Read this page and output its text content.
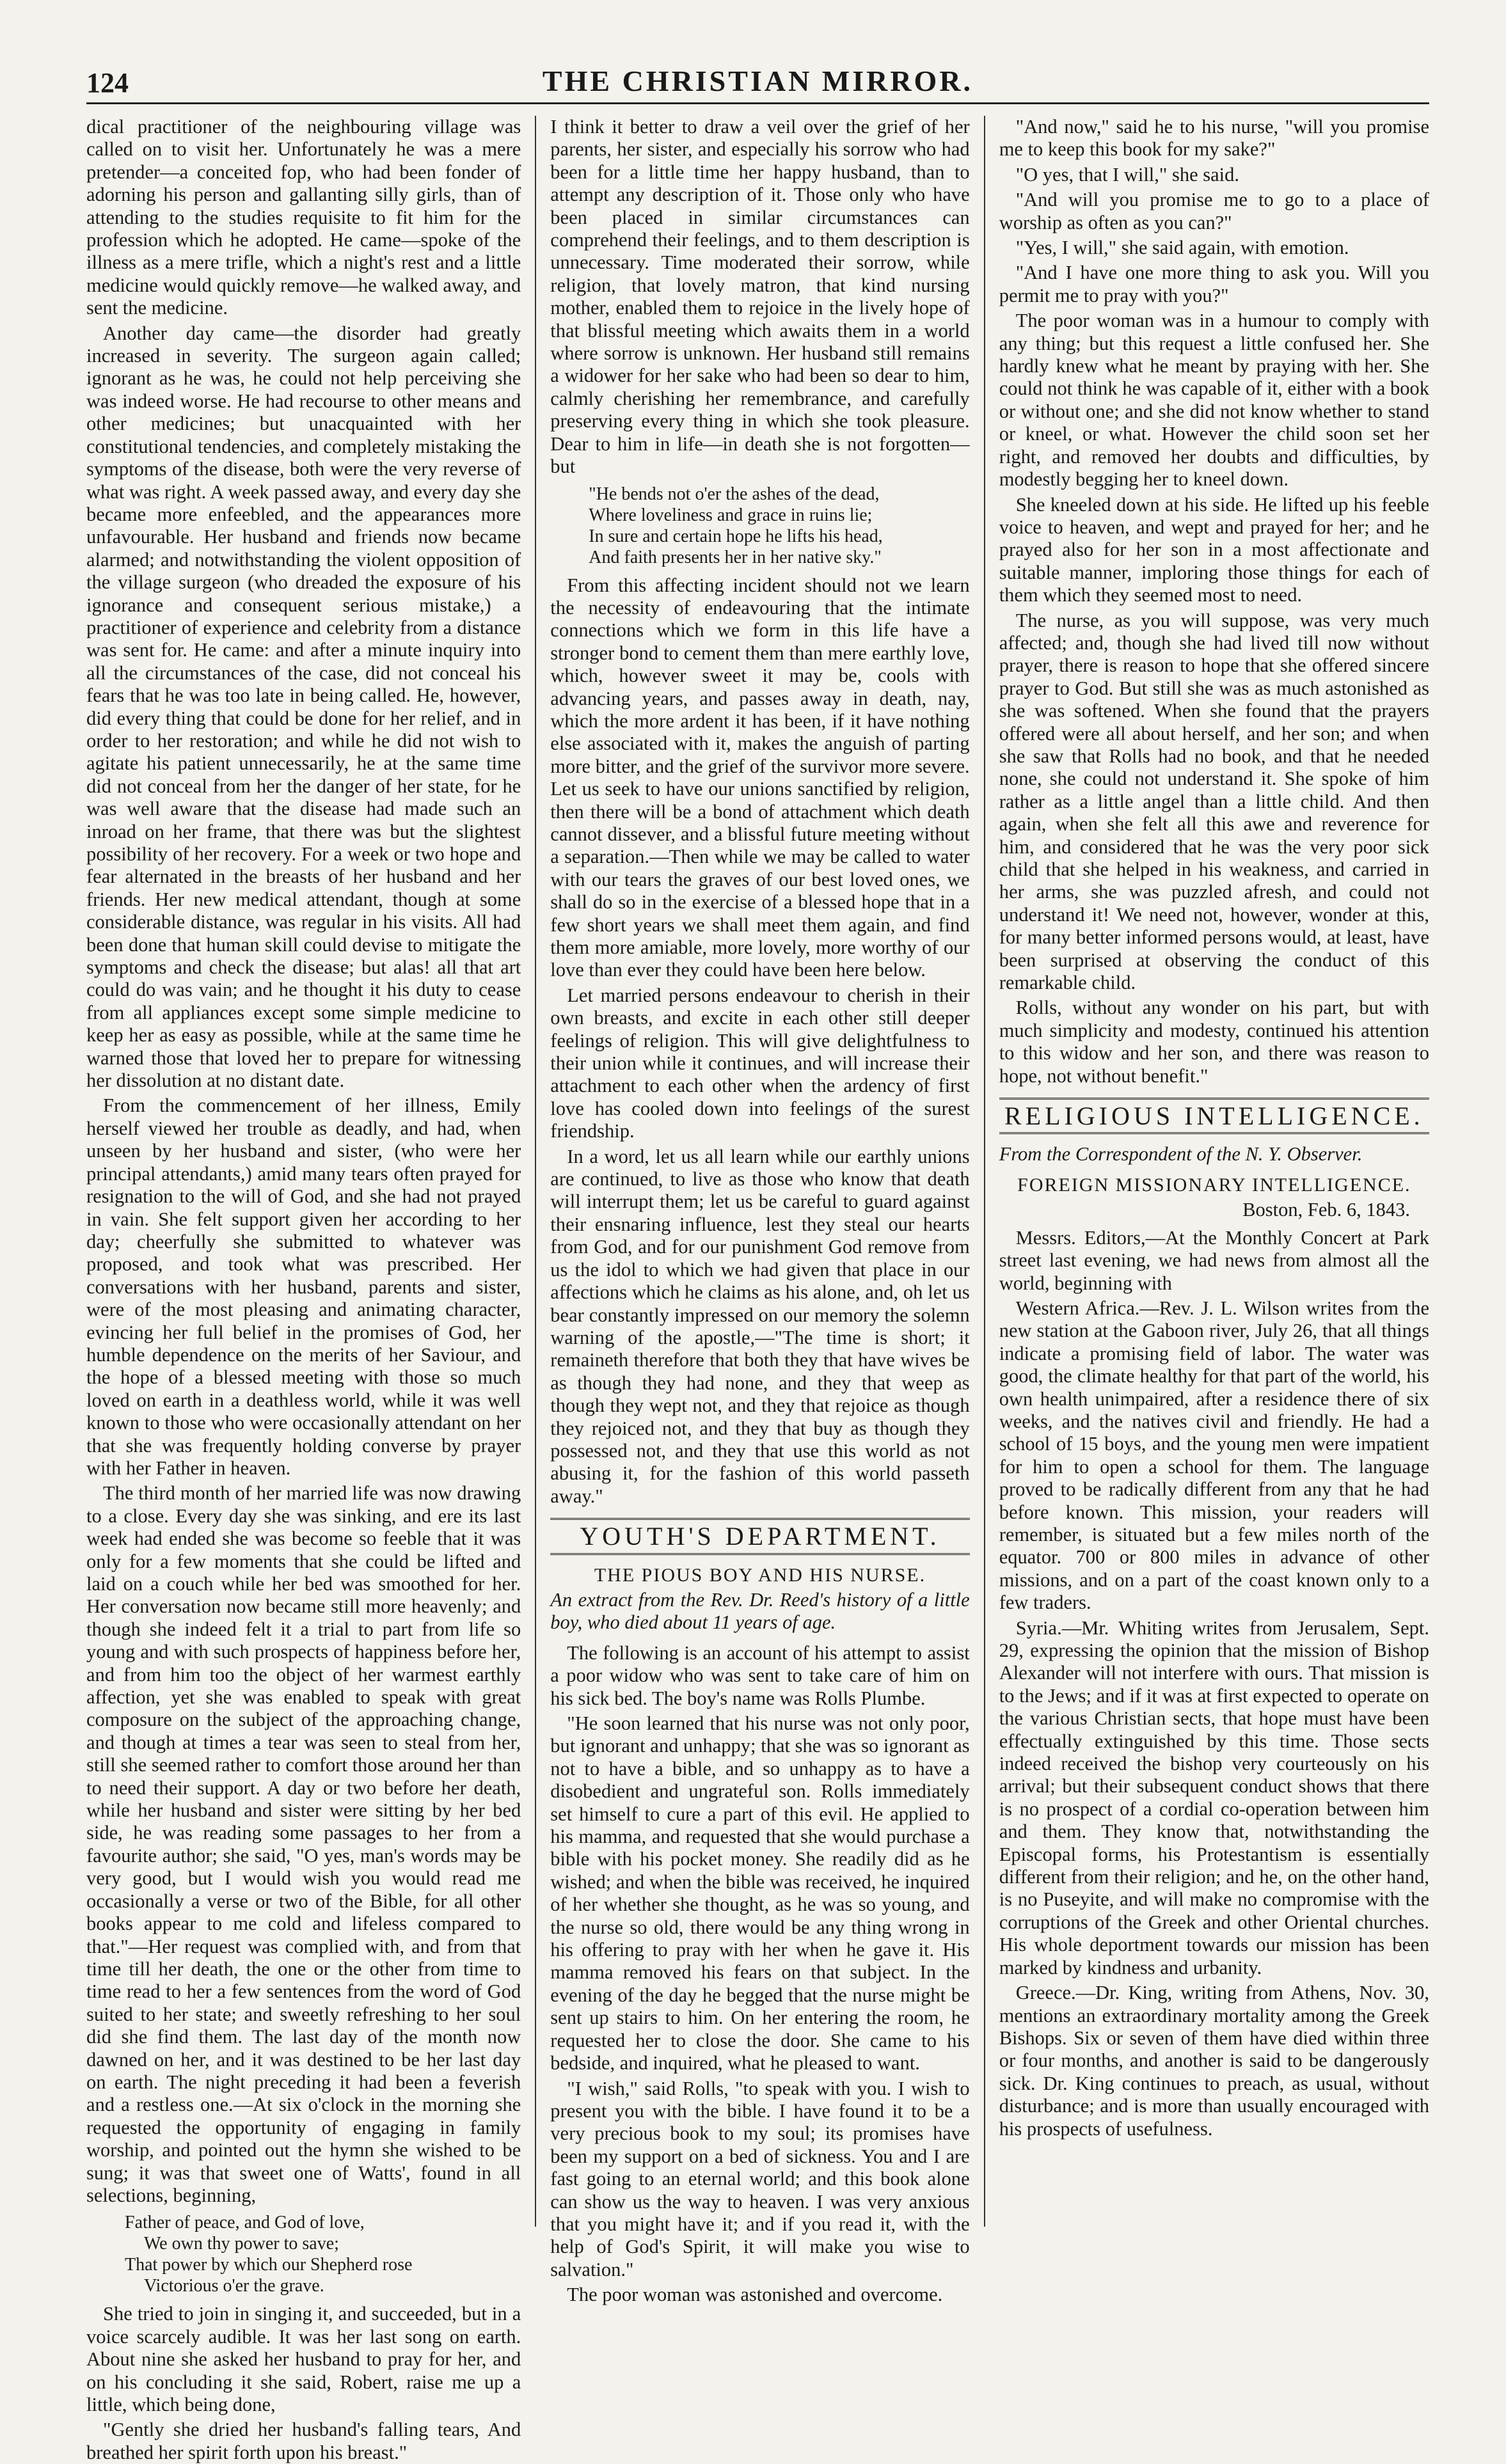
124	THE CHRISTIAN MIRROR.

dical practitioner of the neighbouring village was called on to visit her. Unfortunately he was a mere pretender—a conceited fop, who had been fonder of adorning his person and gallanting silly girls, than of attending to the studies requisite to fit him for the profession which he adopted. He came—spoke of the illness as a mere trifle, which a night's rest and a little medicine would quickly remove—he walked away, and sent the medicine.

Another day came—the disorder had greatly increased in severity. The surgeon again called; ignorant as he was, he could not help perceiving she was indeed worse. He had recourse to other means and other medicines; but unacquainted with her constitutional tendencies, and completely mistaking the symptoms of the disease, both were the very reverse of what was right. A week passed away, and every day she became more enfeebled, and the appearances more unfavourable. Her husband and friends now became alarmed; and notwithstanding the violent opposition of the village surgeon (who dreaded the exposure of his ignorance and consequent serious mistake,) a practitioner of experience and celebrity from a distance was sent for. He came: and after a minute inquiry into all the circumstances of the case, did not conceal his fears that he was too late in being called. He, however, did every thing that could be done for her relief, and in order to her restoration; and while he did not wish to agitate his patient unnecessarily, he at the same time did not conceal from her the danger of her state, for he was well aware that the disease had made such an inroad on her frame, that there was but the slightest possibility of her recovery. For a week or two hope and fear alternated in the breasts of her husband and her friends. Her new medical attendant, though at some considerable distance, was regular in his visits. All had been done that human skill could devise to mitigate the symptoms and check the disease; but alas! all that art could do was vain; and he thought it his duty to cease from all appliances except some simple medicine to keep her as easy as possible, while at the same time he warned those that loved her to prepare for witnessing her dissolution at no distant date.

From the commencement of her illness, Emily herself viewed her trouble as deadly, and had, when unseen by her husband and sister, (who were her principal attendants,) amid many tears often prayed for resignation to the will of God, and she had not prayed in vain. She felt support given her according to her day; cheerfully she submitted to whatever was proposed, and took what was prescribed. Her conversations with her husband, parents and sister, were of the most pleasing and animating character, evincing her full belief in the promises of God, her humble dependence on the merits of her Saviour, and the hope of a blessed meeting with those so much loved on earth in a deathless world, while it was well known to those who were occasionally attendant on her that she was frequently holding converse by prayer with her Father in heaven.

The third month of her married life was now drawing to a close. Every day she was sinking, and ere its last week had ended she was become so feeble that it was only for a few moments that she could be lifted and laid on a couch while her bed was smoothed for her. Her conversation now became still more heavenly; and though she indeed felt it a trial to part from life so young and with such prospects of happiness before her, and from him too the object of her warmest earthly affection, yet she was enabled to speak with great composure on the subject of the approaching change, and though at times a tear was seen to steal from her, still she seemed rather to comfort those around her than to need their support. A day or two before her death, while her husband and sister were sitting by her bed side, he was reading some passages to her from a favourite author; she said, "O yes, man's words may be very good, but I would wish you would read me occasionally a verse or two of the Bible, for all other books appear to me cold and lifeless compared to that."—Her request was complied with, and from that time till her death, the one or the other from time to time read to her a few sentences from the word of God suited to her state; and sweetly refreshing to her soul did she find them. The last day of the month now dawned on her, and it was destined to be her last day on earth. The night preceding it had been a feverish and a restless one.—At six o'clock in the morning she requested the opportunity of engaging in family worship, and pointed out the hymn she wished to be sung; it was that sweet one of Watts', found in all selections, beginning,

Father of peace, and God of love,
We own thy power to save;
That power by which our Shepherd rose
Victorious o'er the grave.

She tried to join in singing it, and succeeded, but in a voice scarcely audible. It was her last song on earth. About nine she asked her husband to pray for her, and on his concluding it she said, Robert, raise me up a little, which being done,

"Gently she dried her husband's falling tears, And breathed her spirit forth upon his breast."

I think it better to draw a veil over the grief of her parents, her sister, and especially his sorrow who had been for a little time her happy husband, than to attempt any description of it. Those only who have been placed in similar circumstances can comprehend their feelings, and to them description is unnecessary. Time moderated their sorrow, while religion, that lovely matron, that kind nursing mother, enabled them to rejoice in the lively hope of that blissful meeting which awaits them in a world where sorrow is unknown. Her husband still remains a widower for her sake who had been so dear to him, calmly cherishing her remembrance, and carefully preserving every thing in which she took pleasure. Dear to him in life—in death she is not forgotten—but

"He bends not o'er the ashes of the dead,
Where loveliness and grace in ruins lie;
In sure and certain hope he lifts his head,
And faith presents her in her native sky."

From this affecting incident should not we learn the necessity of endeavouring that the intimate connections which we form in this life have a stronger bond to cement them than mere earthly love, which, however sweet it may be, cools with advancing years, and passes away in death, nay, which the more ardent it has been, if it have nothing else associated with it, makes the anguish of parting more bitter, and the grief of the survivor more severe. Let us seek to have our unions sanctified by religion, then there will be a bond of attachment which death cannot dissever, and a blissful future meeting without a separation.—Then while we may be called to water with our tears the graves of our best loved ones, we shall do so in the exercise of a blessed hope that in a few short years we shall meet them again, and find them more amiable, more lovely, more worthy of our love than ever they could have been here below.

Let married persons endeavour to cherish in their own breasts, and excite in each other still deeper feelings of religion. This will give delightfulness to their union while it continues, and will increase their attachment to each other when the ardency of first love has cooled down into feelings of the surest friendship.

In a word, let us all learn while our earthly unions are continued, to live as those who know that death will interrupt them; let us be careful to guard against their ensnaring influence, lest they steal our hearts from God, and for our punishment God remove from us the idol to which we had given that place in our affections which he claims as his alone, and, oh let us bear constantly impressed on our memory the solemn warning of the apostle,—"The time is short; it remaineth therefore that both they that have wives be as though they had none, and they that weep as though they wept not, and they that rejoice as though they rejoiced not, and they that buy as though they possessed not, and they that use this world as not abusing it, for the fashion of this world passeth away."

YOUTH'S DEPARTMENT.
THE PIOUS BOY AND HIS NURSE.
An extract from the Rev. Dr. Reed's history of a little boy, who died about 11 years of age.

The following is an account of his attempt to assist a poor widow who was sent to take care of him on his sick bed. The boy's name was Rolls Plumbe.

"He soon learned that his nurse was not only poor, but ignorant and unhappy; that she was so ignorant as not to have a bible, and so unhappy as to have a disobedient and ungrateful son. Rolls immediately set himself to cure a part of this evil. He applied to his mamma, and requested that she would purchase a bible with his pocket money. She readily did as he wished; and when the bible was received, he inquired of her whether she thought, as he was so young, and the nurse so old, there would be any thing wrong in his offering to pray with her when he gave it. His mamma removed his fears on that subject. In the evening of the day he begged that the nurse might be sent up stairs to him. On her entering the room, he requested her to close the door. She came to his bedside, and inquired, what he pleased to want.

"I wish," said Rolls, "to speak with you. I wish to present you with the bible. I have found it to be a very precious book to my soul; its promises have been my support on a bed of sickness. You and I are fast going to an eternal world; and this book alone can show us the way to heaven. I was very anxious that you might have it; and if you read it, with the help of God's Spirit, it will make you wise to salvation."

The poor woman was astonished and overcome.

"And now," said he to his nurse, "will you promise me to keep this book for my sake?"

"O yes, that I will," she said.

"And will you promise me to go to a place of worship as often as you can?"

"Yes, I will," she said again, with emotion.

"And I have one more thing to ask you. Will you permit me to pray with you?"

The poor woman was in a humour to comply with any thing; but this request a little confused her. She hardly knew what he meant by praying with her. She could not think he was capable of it, either with a book or without one; and she did not know whether to stand or kneel, or what. However the child soon set her right, and removed her doubts and difficulties, by modestly begging her to kneel down.

She kneeled down at his side. He lifted up his feeble voice to heaven, and wept and prayed for her; and he prayed also for her son in a most affectionate and suitable manner, imploring those things for each of them which they seemed most to need.

The nurse, as you will suppose, was very much affected; and, though she had lived till now without prayer, there is reason to hope that she offered sincere prayer to God. But still she was as much astonished as she was softened. When she found that the prayers offered were all about herself, and her son; and when she saw that Rolls had no book, and that he needed none, she could not understand it. She spoke of him rather as a little angel than a little child. And then again, when she felt all this awe and reverence for him, and considered that he was the very poor sick child that she helped in his weakness, and carried in her arms, she was puzzled afresh, and could not understand it! We need not, however, wonder at this, for many better informed persons would, at least, have been surprised at observing the conduct of this remarkable child.

Rolls, without any wonder on his part, but with much simplicity and modesty, continued his attention to this widow and her son, and there was reason to hope, not without benefit."

RELIGIOUS INTELLIGENCE.
From the Correspondent of the N. Y. Observer.
FOREIGN MISSIONARY INTELLIGENCE.
Boston, Feb. 6, 1843.

Messrs. Editors,—At the Monthly Concert at Park street last evening, we had news from almost all the world, beginning with

Western Africa.—Rev. J. L. Wilson writes from the new station at the Gaboon river, July 26, that all things indicate a promising field of labor. The water was good, the climate healthy for that part of the world, his own health unimpaired, after a residence there of six weeks, and the natives civil and friendly. He had a school of 15 boys, and the young men were impatient for him to open a school for them. The language proved to be radically different from any that he had before known. This mission, your readers will remember, is situated but a few miles north of the equator. 700 or 800 miles in advance of other missions, and on a part of the coast known only to a few traders.

Syria.—Mr. Whiting writes from Jerusalem, Sept. 29, expressing the opinion that the mission of Bishop Alexander will not interfere with ours. That mission is to the Jews; and if it was at first expected to operate on the various Christian sects, that hope must have been effectually extinguished by this time. Those sects indeed received the bishop very courteously on his arrival; but their subsequent conduct shows that there is no prospect of a cordial co-operation between him and them. They know that, notwithstanding the Episcopal forms, his Protestantism is essentially different from their religion; and he, on the other hand, is no Puseyite, and will make no compromise with the corruptions of the Greek and other Oriental churches. His whole deportment towards our mission has been marked by kindness and urbanity.

Greece.—Dr. King, writing from Athens, Nov. 30, mentions an extraordinary mortality among the Greek Bishops. Six or seven of them have died within three or four months, and another is said to be dangerously sick. Dr. King continues to preach, as usual, without disturbance; and is more than usually encouraged with his prospects of usefulness.
